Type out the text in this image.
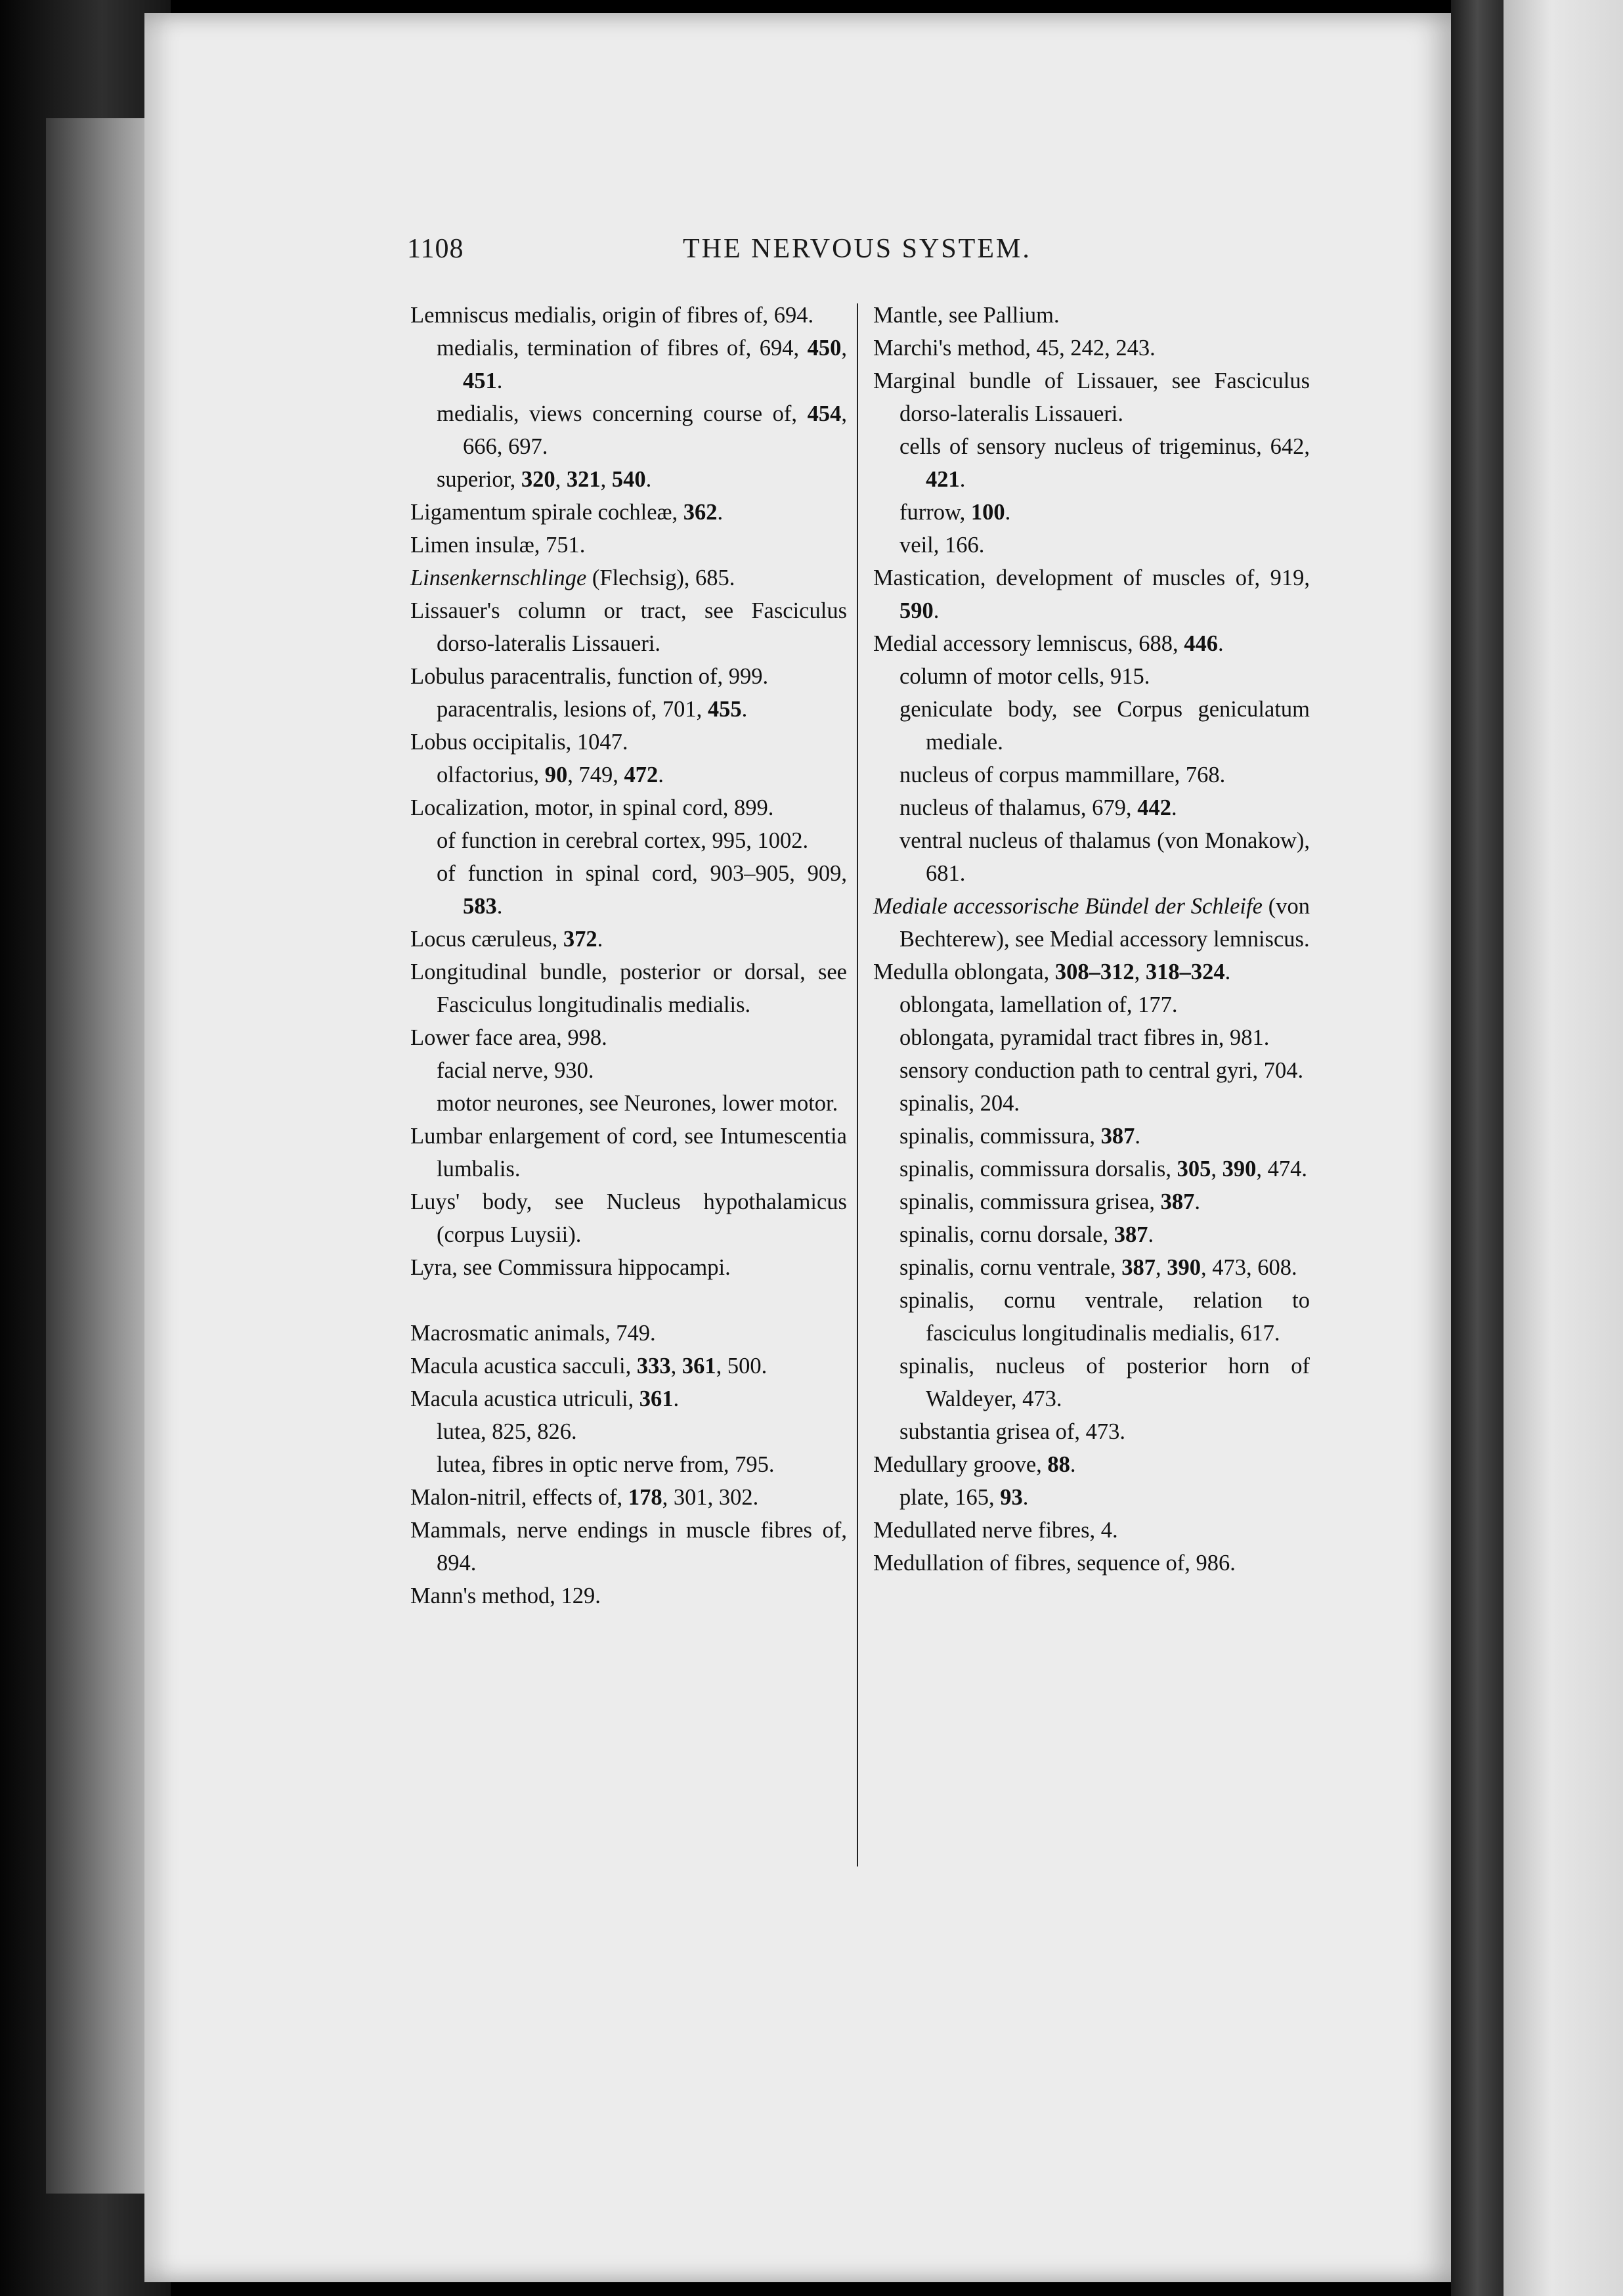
1108	THE NERVOUS SYSTEM.
Lemniscus medialis, origin of fibres of, 694.
medialis, termination of fibres of, 694, 450, 451.
medialis, views concerning course of, 454, 666, 697.
superior, 320, 321, 540.
Ligamentum spirale cochleæ, 362.
Limen insulæ, 751.
Linsenkernschlinge (Flechsig), 685.
Lissauer's column or tract, see Fasciculus dorso-lateralis Lissaueri.
Lobulus paracentralis, function of, 999.
paracentralis, lesions of, 701, 455.
Lobus occipitalis, 1047.
olfactorius, 90, 749, 472.
Localization, motor, in spinal cord, 899.
of function in cerebral cortex, 995, 1002.
of function in spinal cord, 903–905, 909, 583.
Locus cæruleus, 372.
Longitudinal bundle, posterior or dorsal, see Fasciculus longitudinalis medialis.
Lower face area, 998.
facial nerve, 930.
motor neurones, see Neurones, lower motor.
Lumbar enlargement of cord, see Intumescentia lumbalis.
Luys' body, see Nucleus hypothalamicus (corpus Luysii).
Lyra, see Commissura hippocampi.
Macrosmatic animals, 749.
Macula acustica sacculi, 333, 361, 500.
Macula acustica utriculi, 361.
lutea, 825, 826.
lutea, fibres in optic nerve from, 795.
Malon-nitril, effects of, 178, 301, 302.
Mammals, nerve endings in muscle fibres of, 894.
Mann's method, 129.
Mantle, see Pallium.
Marchi's method, 45, 242, 243.
Marginal bundle of Lissauer, see Fasciculus dorso-lateralis Lissaueri.
cells of sensory nucleus of trigeminus, 642, 421.
furrow, 100.
veil, 166.
Mastication, development of muscles of, 919, 590.
Medial accessory lemniscus, 688, 446.
column of motor cells, 915.
geniculate body, see Corpus geniculatum mediale.
nucleus of corpus mammillare, 768.
nucleus of thalamus, 679, 442.
ventral nucleus of thalamus (von Monakow), 681.
Mediale accessorische Bündel der Schleife (von Bechterew), see Medial accessory lemniscus.
Medulla oblongata, 308–312, 318–324.
oblongata, lamellation of, 177.
oblongata, pyramidal tract fibres in, 981.
sensory conduction path to central gyri, 704.
spinalis, 204.
spinalis, commissura, 387.
spinalis, commissura dorsalis, 305, 390, 474.
spinalis, commissura grisea, 387.
spinalis, cornu dorsale, 387.
spinalis, cornu ventrale, 387, 390, 473, 608.
spinalis, cornu ventrale, relation to fasciculus longitudinalis medialis, 617.
spinalis, nucleus of posterior horn of Waldeyer, 473.
substantia grisea of, 473.
Medullary groove, 88.
plate, 165, 93.
Medullated nerve fibres, 4.
Medullation of fibres, sequence of, 986.
